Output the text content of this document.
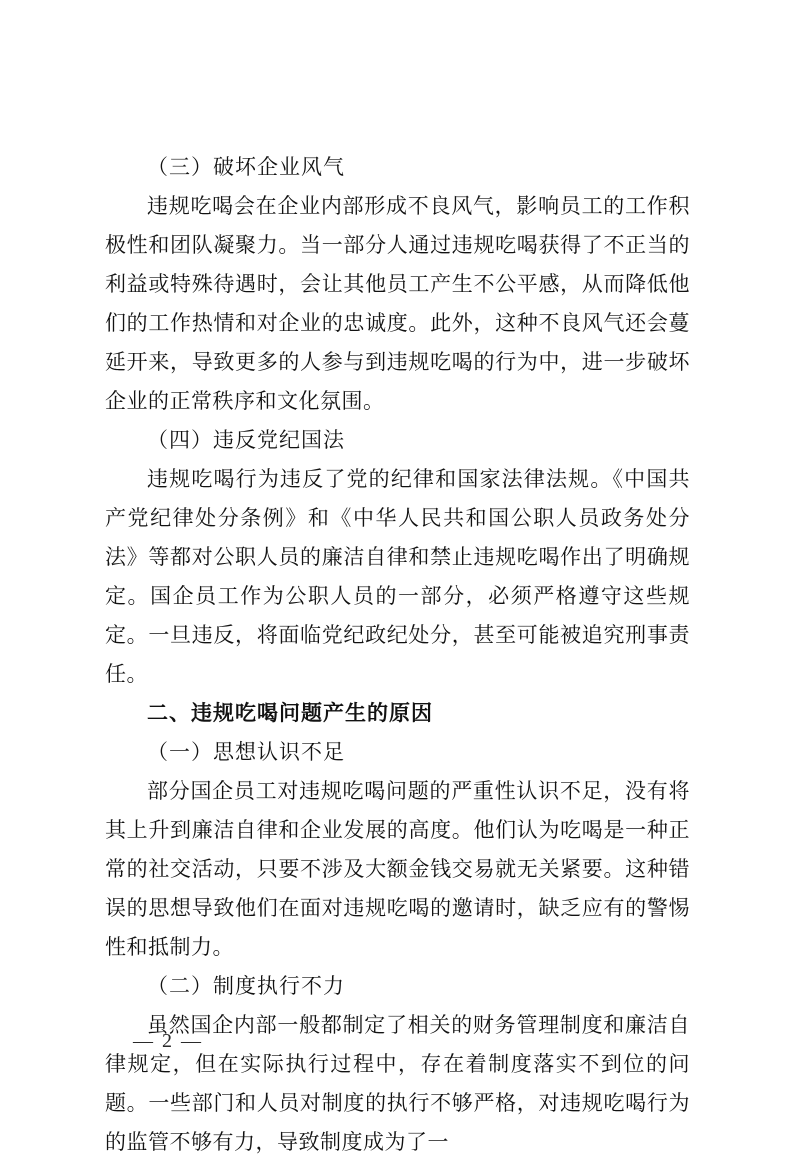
（三）破坏企业风气

违规吃喝会在企业内部形成不良风气，影响员工的工作积极性和团队凝聚力。当一部分人通过违规吃喝获得了不正当的利益或特殊待遇时，会让其他员工产生不公平感，从而降低他们的工作热情和对企业的忠诚度。此外，这种不良风气还会蔓延开来，导致更多的人参与到违规吃喝的行为中，进一步破坏企业的正常秩序和文化氛围。

（四）违反党纪国法

违规吃喝行为违反了党的纪律和国家法律法规。《中国共产党纪律处分条例》和《中华人民共和国公职人员政务处分法》等都对公职人员的廉洁自律和禁止违规吃喝作出了明确规定。国企员工作为公职人员的一部分，必须严格遵守这些规定。一旦违反，将面临党纪政纪处分，甚至可能被追究刑事责任。

二、违规吃喝问题产生的原因

（一）思想认识不足

部分国企员工对违规吃喝问题的严重性认识不足，没有将其上升到廉洁自律和企业发展的高度。他们认为吃喝是一种正常的社交活动，只要不涉及大额金钱交易就无关紧要。这种错误的思想导致他们在面对违规吃喝的邀请时，缺乏应有的警惕性和抵制力。

（二）制度执行不力

虽然国企内部一般都制定了相关的财务管理制度和廉洁自律规定，但在实际执行过程中，存在着制度落实不到位的问题。一些部门和人员对制度的执行不够严格，对违规吃喝行为的监管不够有力，导致制度成为了一

— 2 —
